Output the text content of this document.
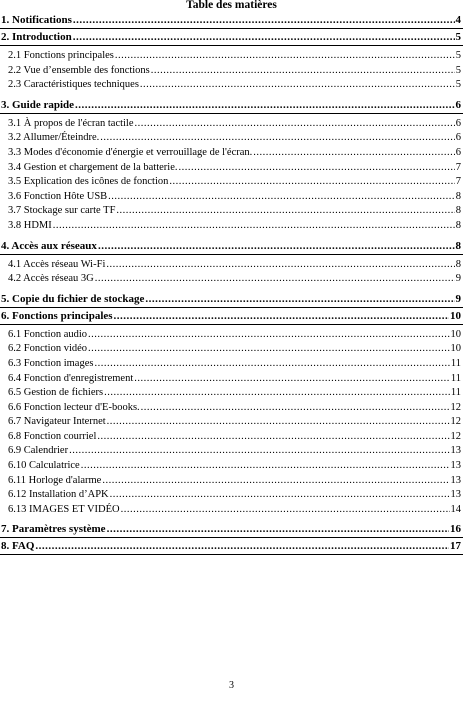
Table des matières
1. Notifications .....	4
2. Introduction .....	5
2.1 Fonctions principales .....	5
2.2 Vue d’ensemble des fonctions .....	5
2.3 Caractéristiques techniques .....	5
3. Guide rapide .....	6
3.1 À propos de l'écran tactile .....	6
3.2 Allumer/Éteindre. .....	6
3.3 Modes d'économie d'énergie et verrouillage de l'écran. .....	6
3.4 Gestion et chargement de la batterie. .....	7
3.5 Explication des icônes de fonction .....	7
3.6 Fonction Hôte USB .....	8
3.7 Stockage sur carte TF .....	8
3.8 HDMI .....	8
4. Accès aux réseaux .....	8
4.1 Accès réseau Wi-Fi .....	8
4.2 Accès réseau 3G .....	9
5. Copie du fichier de stockage .....	9
6. Fonctions principales .....	10
6.1 Fonction audio .....	10
6.2 Fonction vidéo .....	10
6.3 Fonction images .....	11
6.4 Fonction d'enregistrement .....	11
6.5 Gestion de fichiers .....	11
6.6 Fonction lecteur d'E-books. .....	12
6.7 Navigateur Internet .....	12
6.8 Fonction courriel .....	12
6.9 Calendrier .....	13
6.10 Calculatrice .....	13
6.11 Horloge d'alarme .....	13
6.12 Installation d’APK .....	13
6.13 IMAGES ET VIDÉO .....	14
7. Paramètres système .....	16
8. FAQ .....	17
3
